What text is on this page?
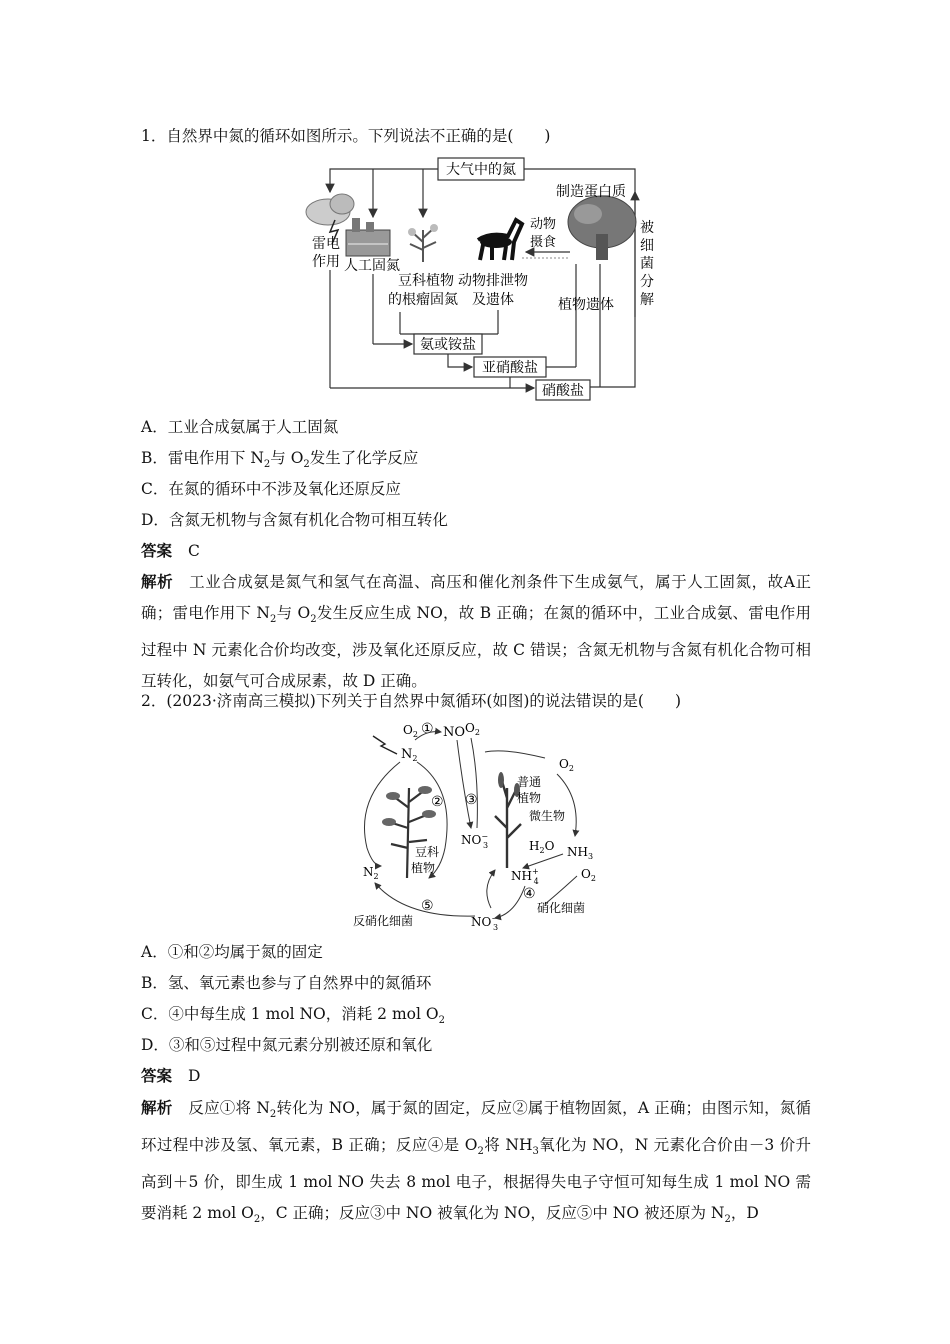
1．自然界中氮的循环如图所示。下列说法不正确的是(　　)
大气中的氮
雷电
作用 人工固氮
豆科植物
的根瘤固氮
动物排泄物
及遗体
动物
摄食
制造蛋白质
被
细
菌
分
解
植物遗体
氨或铵盐
亚硝酸盐
硝酸盐
A．工业合成氨属于人工固氮
B．雷电作用下 $N_2$与 $O_2$发生了化学反应
C．在氮的循环中不涉及氧化还原反应
D．含氮无机物与含氮有机化合物可相互转化
答案 C
解析 工业合成氨是氮气和氢气在高温、高压和催化剂条件下生成氨气，属于人工固氮，故A正确；雷电作用下 $N_2$与 $O_2$发生反应生成 NO，故 B 正确；在氮的循环中，工业合成氨、雷电作用过程中 N 元素化合价均改变，涉及氧化还原反应，故 C 错误；含氮无机物与含氮有机化合物可相互转化，如氨气可合成尿素，故 D 正确。
2．(2023·济南高三模拟)下列关于自然界中氮循环(如图)的说法错误的是(　　)
$O_2$ ① NO $O_2$
$N_2$
②
豆科
植物
$N_2$
⑤
反硝化细菌	NO− 3
③
NO− 3
普通
植物
微生物
$O_2$
$H_2O$ $NH_3$
NH+ 4
④
$O_2$
硝化细菌
A．①和②均属于氮的固定
B．氢、氧元素也参与了自然界中的氮循环
C．④中每生成 1 mol NO，消耗 2 mol $O_2$
D．③和⑤过程中氮元素分别被还原和氧化
答案 D
解析 反应①将 $N_2$转化为 NO，属于氮的固定，反应②属于植物固氮，A 正确；由图示知，氮循环过程中涉及氢、氧元素，B 正确；反应④是 $O_2$将 $NH_3$氧化为 NO，N 元素化合价由－3 价升高到＋5 价，即生成 1 mol NO 失去 8 mol 电子，根据得失电子守恒可知每生成 1 mol NO 需要消耗 2 mol $O_2$，C 正确；反应③中 NO 被氧化为 NO，反应⑤中 NO 被还原为 $N_2$，D
